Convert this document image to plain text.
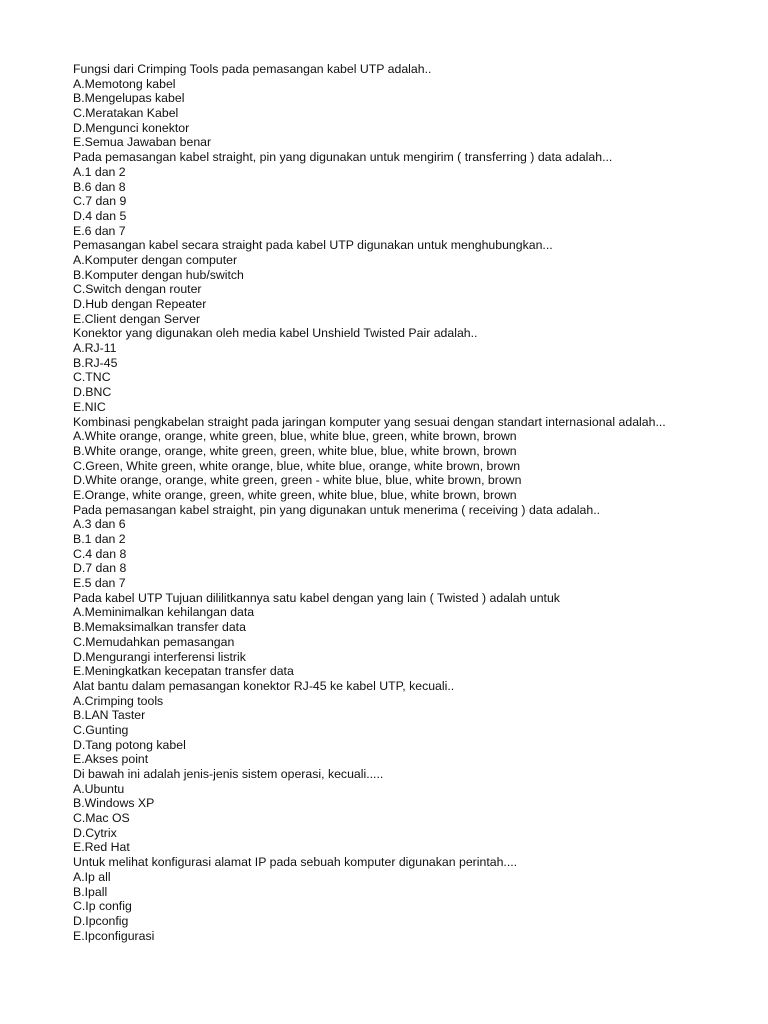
Fungsi dari Crimping Tools pada pemasangan kabel UTP adalah..
A.Memotong kabel
B.Mengelupas kabel
C.Meratakan Kabel
D.Mengunci konektor
E.Semua Jawaban benar
Pada pemasangan kabel straight, pin yang digunakan untuk mengirim ( transferring ) data adalah...
A.1 dan 2
B.6 dan 8
C.7 dan 9
D.4 dan 5
E.6 dan 7
Pemasangan kabel secara straight pada kabel UTP digunakan untuk menghubungkan...
A.Komputer dengan computer
B.Komputer dengan hub/switch
C.Switch dengan router
D.Hub dengan Repeater
E.Client dengan Server
Konektor yang digunakan oleh media kabel Unshield Twisted Pair adalah..
A.RJ-11
B.RJ-45
C.TNC
D.BNC
E.NIC
Kombinasi pengkabelan straight pada jaringan komputer yang sesuai dengan standart internasional adalah...
A.White orange, orange, white green, blue, white blue, green, white brown, brown
B.White orange, orange, white green, green, white blue, blue, white brown, brown
C.Green, White green, white orange, blue, white blue, orange, white brown, brown
D.White orange, orange, white green, green - white blue, blue, white brown, brown
E.Orange, white orange, green, white green, white blue, blue, white brown, brown
Pada pemasangan kabel straight, pin yang digunakan untuk menerima ( receiving ) data adalah..
A.3 dan 6
B.1 dan 2
C.4 dan 8
D.7 dan 8
E.5 dan 7
Pada kabel UTP Tujuan dililitkannya satu kabel dengan yang lain ( Twisted ) adalah untuk
A.Meminimalkan kehilangan data
B.Memaksimalkan transfer data
C.Memudahkan pemasangan
D.Mengurangi interferensi listrik
E.Meningkatkan kecepatan transfer data
Alat bantu dalam pemasangan konektor RJ-45 ke kabel UTP, kecuali..
A.Crimping tools
B.LAN Taster
C.Gunting
D.Tang potong kabel
E.Akses point
Di bawah ini adalah jenis-jenis sistem operasi, kecuali.....
A.Ubuntu
B.Windows XP
C.Mac OS
D.Cytrix
E.Red Hat
Untuk melihat konfigurasi alamat IP pada sebuah komputer digunakan perintah....
A.Ip all
B.Ipall
C.Ip config
D.Ipconfig
E.Ipconfigurasi
